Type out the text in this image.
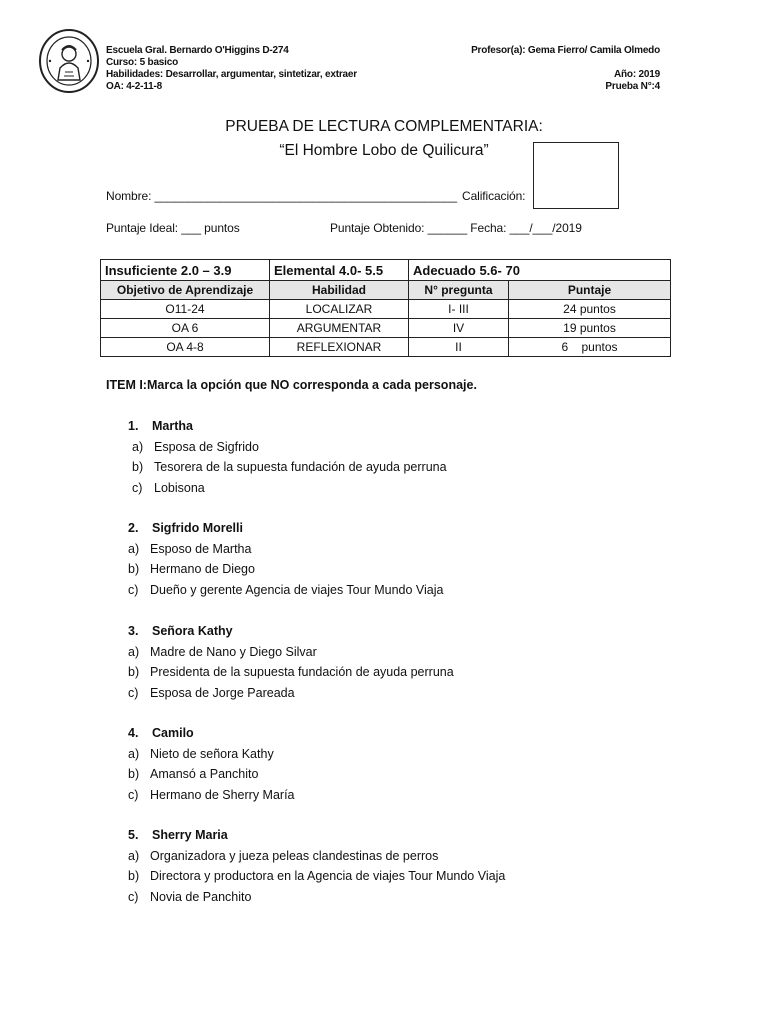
Escuela Gral. Bernardo O'Higgins D-274
Curso: 5 basico
Habilidades: Desarrollar, argumentar, sintetizar, extraer
OA: 4-2-11-8
Profesor(a): Gema Fierro/ Camila Olmedo
Año: 2019
Prueba N°:4
PRUEBA DE LECTURA COMPLEMENTARIA:
“El Hombre Lobo de Quilicura”
Nombre: ______________________________________________ Calificación:
Puntaje Ideal: ___ puntos	Puntaje Obtenido: ______ Fecha: ___/___/2019
Insuficiente 2.0 – 3.9	Elemental 4.0- 5.5	Adecuado 5.6- 70	
Objetivo de Aprendizaje	Habilidad	N° pregunta	Puntaje
O11-24	LOCALIZAR	I- III	24 puntos
OA 6	ARGUMENTAR	IV	19 puntos
OA 4-8	REFLEXIONAR	II	6    puntos
ITEM I:Marca la opción que NO corresponda a cada personaje.
1. Martha
a) Esposa de Sigfrido
b) Tesorera de la supuesta fundación de ayuda perruna
c) Lobisona
2. Sigfrido Morelli
a) Esposo de Martha
b) Hermano de Diego
c) Dueño y gerente Agencia de viajes Tour Mundo Viaja
3. Señora Kathy
a) Madre de Nano y Diego Silvar
b) Presidenta de la supuesta fundación de ayuda perruna
c) Esposa de Jorge Pareada
4. Camilo
a) Nieto de señora Kathy
b) Amansó a Panchito
c) Hermano de Sherry María
5. Sherry Maria
a) Organizadora y jueza peleas clandestinas de perros
b) Directora y productora en la Agencia de viajes Tour Mundo Viaja
c) Novia de Panchito
